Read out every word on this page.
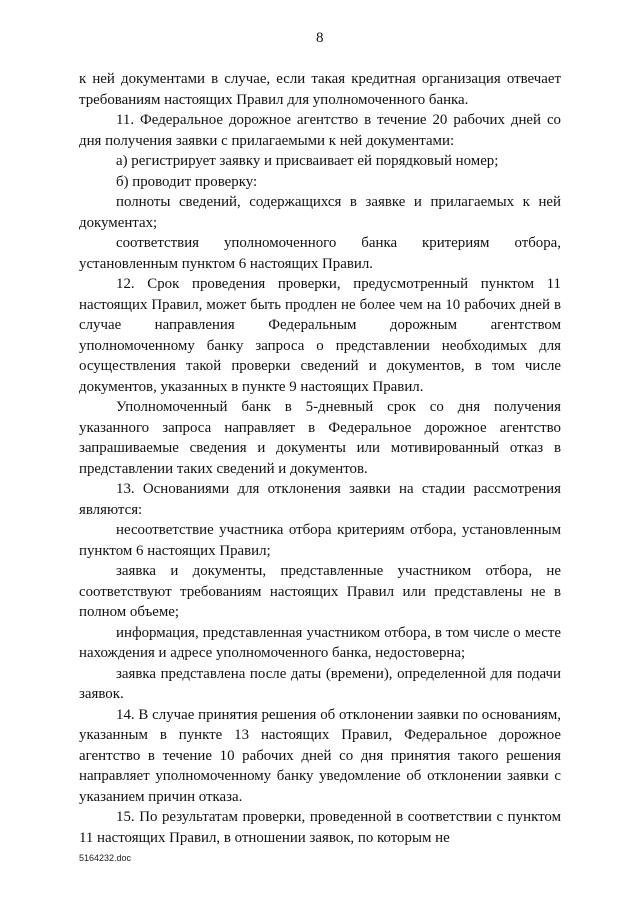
8

к ней документами в случае, если такая кредитная организация отвечает требованиям настоящих Правил для уполномоченного банка.

11. Федеральное дорожное агентство в течение 20 рабочих дней со дня получения заявки с прилагаемыми к ней документами:

а) регистрирует заявку и присваивает ей порядковый номер;

б) проводит проверку:

полноты сведений, содержащихся в заявке и прилагаемых к ней документах;

соответствия уполномоченного банка критериям отбора, установленным пунктом 6 настоящих Правил.

12. Срок проведения проверки, предусмотренный пунктом 11 настоящих Правил, может быть продлен не более чем на 10 рабочих дней в случае направления Федеральным дорожным агентством уполномоченному банку запроса о представлении необходимых для осуществления такой проверки сведений и документов, в том числе документов, указанных в пункте 9 настоящих Правил.

Уполномоченный банк в 5-дневный срок со дня получения указанного запроса направляет в Федеральное дорожное агентство запрашиваемые сведения и документы или мотивированный отказ в представлении таких сведений и документов.

13. Основаниями для отклонения заявки на стадии рассмотрения являются:

несоответствие участника отбора критериям отбора, установленным пунктом 6 настоящих Правил;

заявка и документы, представленные участником отбора, не соответствуют требованиям настоящих Правил или представлены не в полном объеме;

информация, представленная участником отбора, в том числе о месте нахождения и адресе уполномоченного банка, недостоверна;

заявка представлена после даты (времени), определенной для подачи заявок.

14. В случае принятия решения об отклонении заявки по основаниям, указанным в пункте 13 настоящих Правил, Федеральное дорожное агентство в течение 10 рабочих дней со дня принятия такого решения направляет уполномоченному банку уведомление об отклонении заявки с указанием причин отказа.

15. По результатам проверки, проведенной в соответствии с пунктом 11 настоящих Правил, в отношении заявок, по которым не

5164232.doc
